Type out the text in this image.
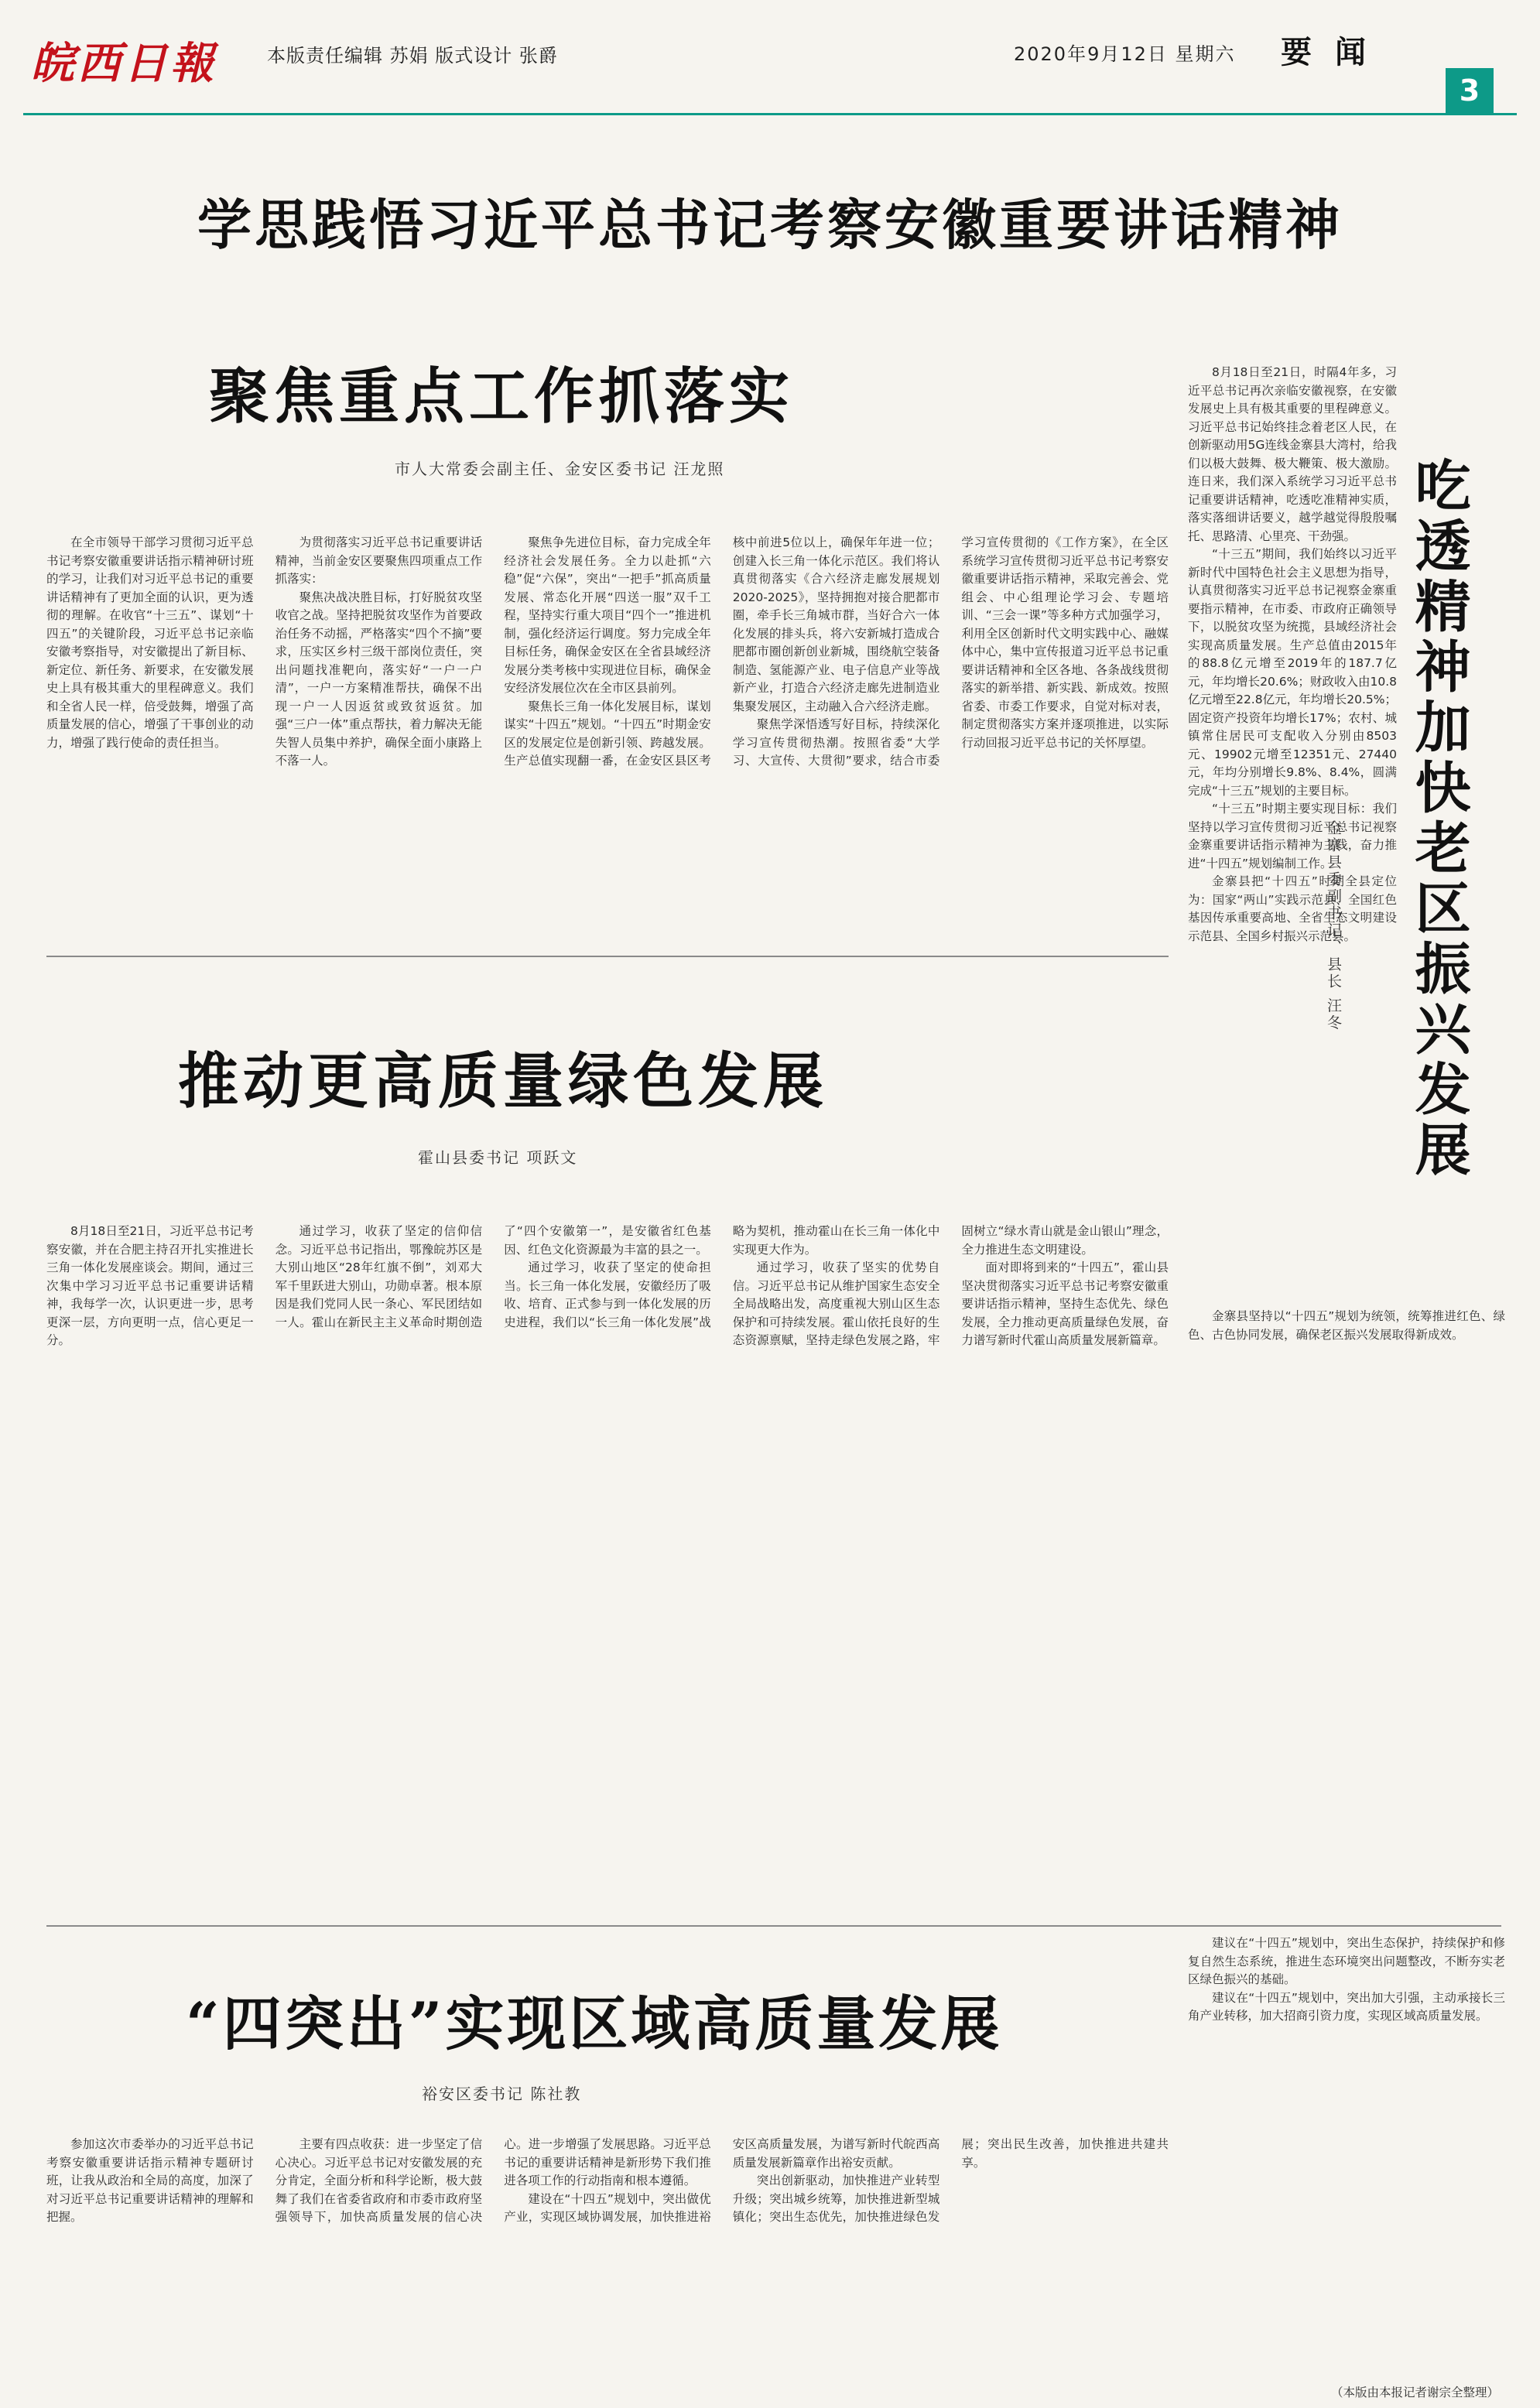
皖西日報	本版责任编辑 苏娟 版式设计 张爵	2020年9月12日 星期六 要闻
3
学思践悟习近平总书记考察安徽重要讲话精神
聚焦重点工作抓落实
市人大常委会副主任、金安区委书记 汪龙照

在全市领导干部学习贯彻习近平总书记考察安徽重要讲话指示精神研讨班的学习，让我们对习近平总书记的重要讲话精神有了更加全面的认识，更为透彻的理解。在收官“十三五”、谋划“十四五”的关键阶段，习近平总书记亲临安徽考察指导，对安徽提出了新目标、新定位、新任务、新要求，在安徽发展史上具有极其重大的里程碑意义。我们和全省人民一样，倍受鼓舞，增强了高质量发展的信心，增强了干事创业的动力，增强了践行使命的责任担当。

为贯彻落实习近平总书记重要讲话精神，当前金安区要聚焦四项重点工作抓落实：

聚焦决战决胜目标，打好脱贫攻坚收官之战。坚持把脱贫攻坚作为首要政治任务不动摇，严格落实“四个不摘”要求，压实区乡村三级干部岗位责任，突出问题找准靶向，落实好“一户一户清”，一户一方案精准帮扶，确保不出现一户一人因返贫或致贫返贫。加强“三户一体”重点帮扶，着力解决无能失智人员集中养护，确保全面小康路上不落一人。

聚焦争先进位目标，奋力完成全年经济社会发展任务。全力以赴抓“六稳”促“六保”，突出“一把手”抓高质量发展、常态化开展“四送一服”双千工程，坚持实行重大项目“四个一”推进机制，强化经济运行调度。努力完成全年目标任务，确保金安区在全省县域经济发展分类考核中实现进位目标，确保金安经济发展位次在全市区县前列。

聚焦长三角一体化发展目标，谋划谋实“十四五”规划。“十四五”时期金安区的发展定位是创新引领、跨越发展。生产总值实现翻一番，在金安区县区考核中前进5位以上，确保年年进一位；创建入长三角一体化示范区。我们将认真贯彻落实《合六经济走廊发展规划2020-2025》，坚持拥抱对接合肥都市圈，牵手长三角城市群，当好合六一体化发展的排头兵，将六安新城打造成合肥都市圈创新创业新城，围绕航空装备制造、氢能源产业、电子信息产业等战新产业，打造合六经济走廊先进制造业集聚发展区，主动融入合六经济走廊。

聚焦学深悟透写好目标，持续深化学习宣传贯彻热潮。按照省委“大学习、大宣传、大贯彻”要求，结合市委学习宣传贯彻的《工作方案》，在全区系统学习宣传贯彻习近平总书记考察安徽重要讲话指示精神，采取完善会、党组会、中心组理论学习会、专题培训、“三会一课”等多种方式加强学习，利用全区创新时代文明实践中心、融媒体中心，集中宣传报道习近平总书记重要讲话精神和全区各地、各条战线贯彻落实的新举措、新实践、新成效。按照省委、市委工作要求，自觉对标对表，制定贯彻落实方案并逐项推进，以实际行动回报习近平总书记的关怀厚望。

8月18日至21日，时隔4年多，习近平总书记再次亲临安徽视察，在安徽发展史上具有极其重要的里程碑意义。习近平总书记始终挂念着老区人民，在创新驱动用5G连线金寨县大湾村，给我们以极大鼓舞、极大鞭策、极大激励。连日来，我们深入系统学习习近平总书记重要讲话精神，吃透吃准精神实质，落实落细讲话要义，越学越觉得殷殷嘱托、思路清、心里亮、干劲强。

“十三五”期间，我们始终以习近平新时代中国特色社会主义思想为指导，认真贯彻落实习近平总书记视察金寨重要指示精神，在市委、市政府正确领导下，以脱贫攻坚为统揽，县域经济社会实现高质量发展。生产总值由2015年的88.8亿元增至2019年的187.7亿元，年均增长20.6%；财政收入由10.8亿元增至22.8亿元，年均增长20.5%；固定资产投资年均增长17%；农村、城镇常住居民可支配收入分别由8503元、19902元增至12351元、27440元，年均分别增长9.8%、8.4%，圆满完成“十三五”规划的主要目标。

“十三五”时期主要实现目标：我们坚持以学习宣传贯彻习近平总书记视察金寨重要讲话指示精神为主线，奋力推进“十四五”规划编制工作。

金寨县把“十四五”时期全县定位为：国家“两山”实践示范县、全国红色基因传承重要高地、全省生态文明建设示范县、全国乡村振兴示范县。 吃透精神加快老区振兴发展
金寨县委副书记、县长 汪冬

金寨县坚持以“十四五”规划为统领，统筹推进红色、绿色、古色协同发展，确保老区振兴发展取得新成效。

推动更高质量绿色发展
霍山县委书记 项跃文

8月18日至21日，习近平总书记考察安徽，并在合肥主持召开扎实推进长三角一体化发展座谈会。期间，通过三次集中学习习近平总书记重要讲话精神，我每学一次，认识更进一步，思考更深一层，方向更明一点，信心更足一分。

通过学习，收获了坚定的信仰信念。习近平总书记指出，鄂豫皖苏区是大别山地区“28年红旗不倒”，刘邓大军千里跃进大别山，功勋卓著。根本原因是我们党同人民一条心、军民团结如一人。霍山在新民主主义革命时期创造了“四个安徽第一”，是安徽省红色基因、红色文化资源最为丰富的县之一。

通过学习，收获了坚定的使命担当。长三角一体化发展，安徽经历了吸收、培育、正式参与到一体化发展的历史进程，我们以“长三角一体化发展”战略为契机，推动霍山在长三角一体化中实现更大作为。

通过学习，收获了坚实的优势自信。习近平总书记从维护国家生态安全全局战略出发，高度重视大别山区生态保护和可持续发展。霍山依托良好的生态资源禀赋，坚持走绿色发展之路，牢固树立“绿水青山就是金山银山”理念，全力推进生态文明建设。

面对即将到来的“十四五”，霍山县坚决贯彻落实习近平总书记考察安徽重要讲话指示精神，坚持生态优先、绿色发展，全力推动更高质量绿色发展，奋力谱写新时代霍山高质量发展新篇章。

“四突出”实现区域高质量发展
裕安区委书记 陈社教

参加这次市委举办的习近平总书记考察安徽重要讲话指示精神专题研讨班，让我从政治和全局的高度，加深了对习近平总书记重要讲话精神的理解和把握。

主要有四点收获：进一步坚定了信心决心。习近平总书记对安徽发展的充分肯定，全面分析和科学论断，极大鼓舞了我们在省委省政府和市委市政府坚强领导下，加快高质量发展的信心决心。进一步增强了发展思路。习近平总书记的重要讲话精神是新形势下我们推进各项工作的行动指南和根本遵循。

建设在“十四五”规划中，突出做优产业，实现区域协调发展，加快推进裕安区高质量发展，为谱写新时代皖西高质量发展新篇章作出裕安贡献。

突出创新驱动，加快推进产业转型升级；突出城乡统筹，加快推进新型城镇化；突出生态优先，加快推进绿色发展；突出民生改善，加快推进共建共享。

建议在“十四五”规划中，突出生态保护，持续保护和修复自然生态系统，推进生态环境突出问题整改，不断夯实老区绿色振兴的基础。

建议在“十四五”规划中，突出加大引强，主动承接长三角产业转移，加大招商引资力度，实现区域高质量发展。

（本版由本报记者谢宗全整理）
